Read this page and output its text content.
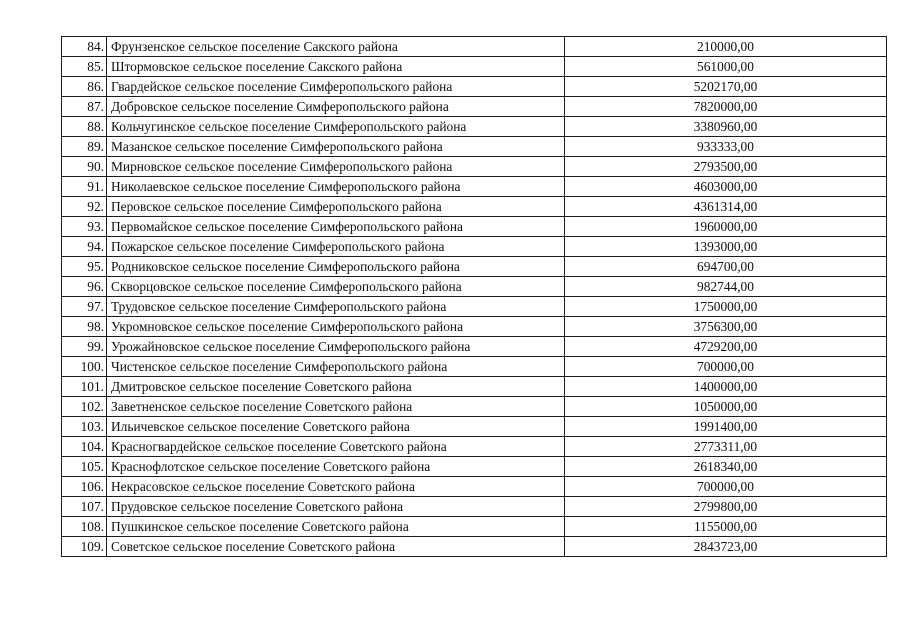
84.	Фрунзенское сельское поселение Сакского района	210000,00
85.	Штормовское сельское поселение Сакского района	561000,00
86.	Гвардейское сельское поселение Симферопольского района	5202170,00
87.	Добровское сельское поселение Симферопольского района	7820000,00
88.	Кольчугинское сельское поселение Симферопольского района	3380960,00
89.	Мазанское сельское поселение Симферопольского района	933333,00
90.	Мирновское сельское поселение Симферопольского района	2793500,00
91.	Николаевское сельское поселение Симферопольского района	4603000,00
92.	Перовское сельское поселение Симферопольского района	4361314,00
93.	Первомайское сельское поселение Симферопольского района	1960000,00
94.	Пожарское сельское поселение Симферопольского района	1393000,00
95.	Родниковское сельское поселение Симферопольского района	694700,00
96.	Скворцовское сельское поселение Симферопольского района	982744,00
97.	Трудовское сельское поселение Симферопольского района	1750000,00
98.	Укромновское сельское поселение Симферопольского района	3756300,00
99.	Урожайновское сельское поселение Симферопольского района	4729200,00
100.	Чистенское сельское поселение Симферопольского района	700000,00
101.	Дмитровское сельское поселение Советского района	1400000,00
102.	Заветненское сельское поселение Советского района	1050000,00
103.	Ильичевское сельское поселение Советского района	1991400,00
104.	Красногвардейское сельское поселение Советского района	2773311,00
105.	Краснофлотское сельское поселение Советского района	2618340,00
106.	Некрасовское сельское поселение Советского района	700000,00
107.	Прудовское сельское поселение Советского района	2799800,00
108.	Пушкинское сельское поселение Советского района	1155000,00
109.	Советское сельское поселение Советского района	2843723,00
